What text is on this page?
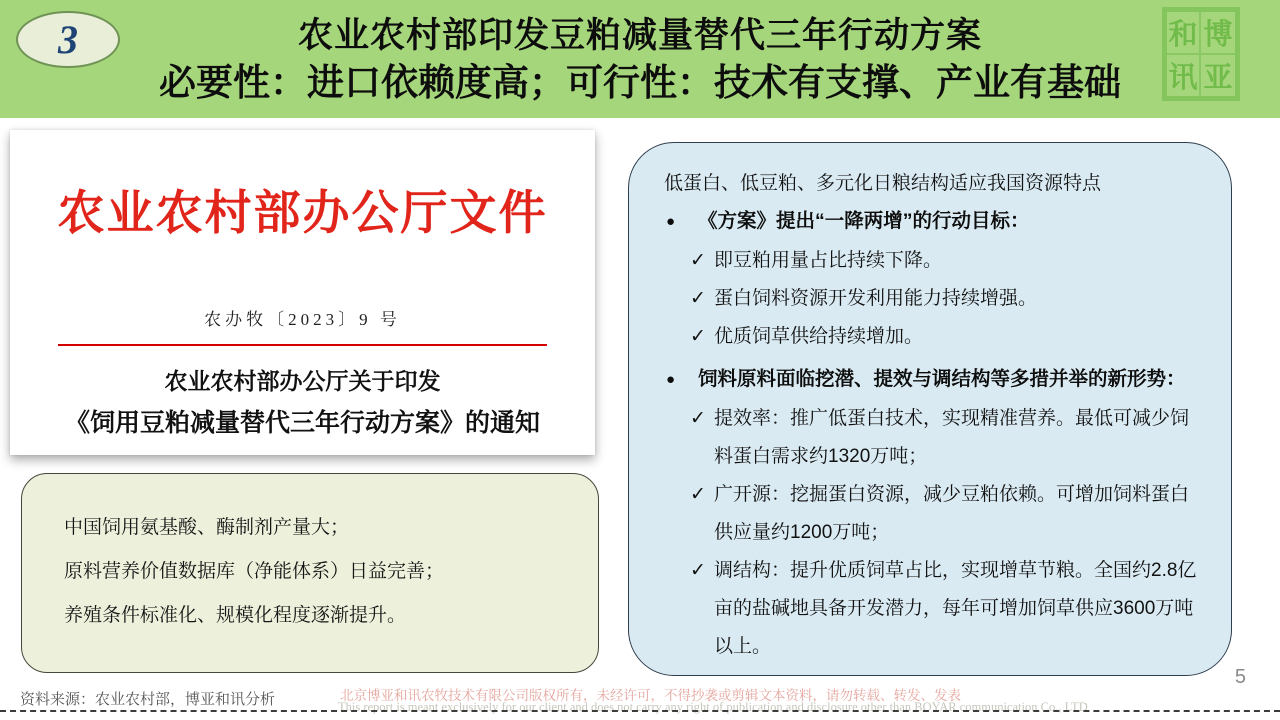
3	农业农村部印发豆粕减量替代三年行动方案
必要性：进口依赖度高；可行性：技术有支撑、产业有基础
和 博
讯 亚
农业农村部办公厅文件
农办牧〔2023〕9 号
农业农村部办公厅关于印发
《饲用豆粕减量替代三年行动方案》的通知
中国饲用氨基酸、酶制剂产量大；
原料营养价值数据库（净能体系）日益完善；
养殖条件标准化、规模化程度逐渐提升。
低蛋白、低豆粕、多元化日粮结构适应我国资源特点
●	《方案》提出“一降两增”的行动目标：
✓ 即豆粕用量占比持续下降。
✓ 蛋白饲料资源开发利用能力持续增强。
✓ 优质饲草供给持续增加。
●	饲料原料面临挖潜、提效与调结构等多措并举的新形势：
✓ 提效率：推广低蛋白技术，实现精准营养。最低可减少饲料蛋白需求约1320万吨；
✓ 广开源：挖掘蛋白资源，减少豆粕依赖。可增加饲料蛋白供应量约1200万吨；
✓ 调结构：提升优质饲草占比，实现增草节粮。全国约2.8亿亩的盐碱地具备开发潜力，每年可增加饲草供应3600万吨以上。
资料来源：农业农村部，博亚和讯分析	北京博亚和讯农牧技术有限公司版权所有，未经许可，不得抄袭或剪辑文本资料，请勿转载、转发、发表
This report is meant exclusively for our client and does not carry any right of publication and disclosure other than BOYAR communication Co., LTD
5
